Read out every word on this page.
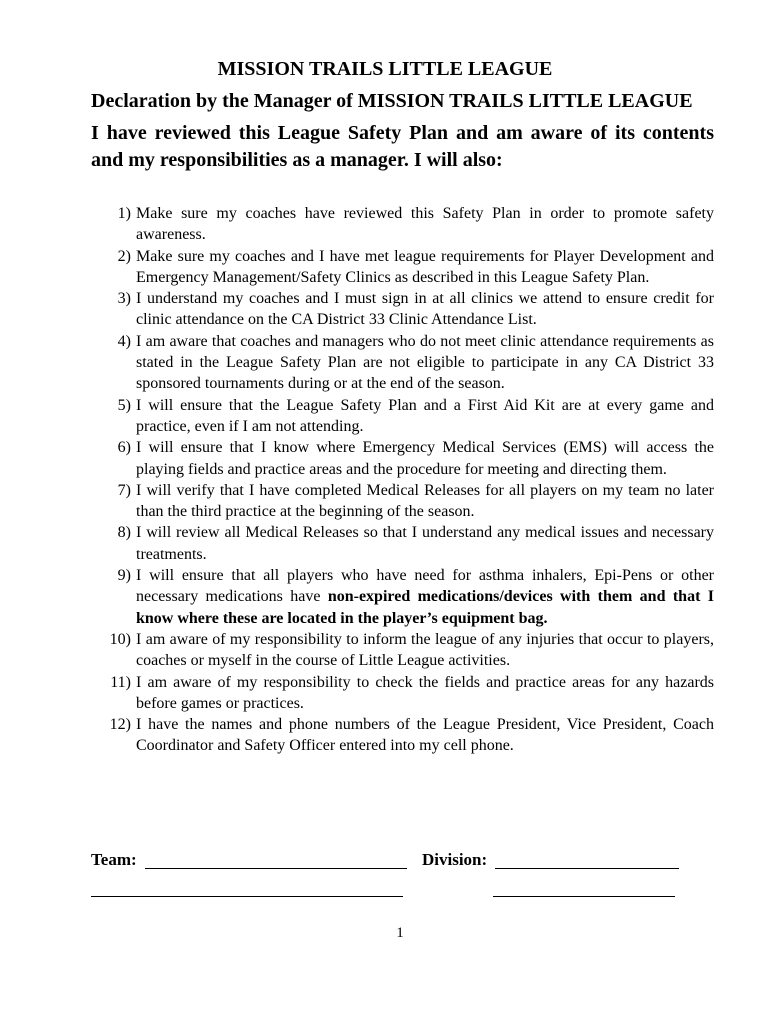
MISSION TRAILS LITTLE LEAGUE
Declaration by the Manager of MISSION TRAILS LITTLE LEAGUE
I have reviewed this League Safety Plan and am aware of its contents and my responsibilities as a manager. I will also:
1) Make sure my coaches have reviewed this Safety Plan in order to promote safety awareness.
2) Make sure my coaches and I have met league requirements for Player Development and Emergency Management/Safety Clinics as described in this League Safety Plan.
3) I understand my coaches and I must sign in at all clinics we attend to ensure credit for clinic attendance on the CA District 33 Clinic Attendance List.
4) I am aware that coaches and managers who do not meet clinic attendance requirements as stated in the League Safety Plan are not eligible to participate in any CA District 33 sponsored tournaments during or at the end of the season.
5) I will ensure that the League Safety Plan and a First Aid Kit are at every game and practice, even if I am not attending.
6) I will ensure that I know where Emergency Medical Services (EMS) will access the playing fields and practice areas and the procedure for meeting and directing them.
7) I will verify that I have completed Medical Releases for all players on my team no later than the third practice at the beginning of the season.
8) I will review all Medical Releases so that I understand any medical issues and necessary treatments.
9) I will ensure that all players who have need for asthma inhalers, Epi-Pens or other necessary medications have non-expired medications/devices with them and that I know where these are located in the player’s equipment bag.
10) I am aware of my responsibility to inform the league of any injuries that occur to players, coaches or myself in the course of Little League activities.
11) I am aware of my responsibility to check the fields and practice areas for any hazards before games or practices.
12) I have the names and phone numbers of the League President, Vice President, Coach Coordinator and Safety Officer entered into my cell phone.
Team:	Division:
1
